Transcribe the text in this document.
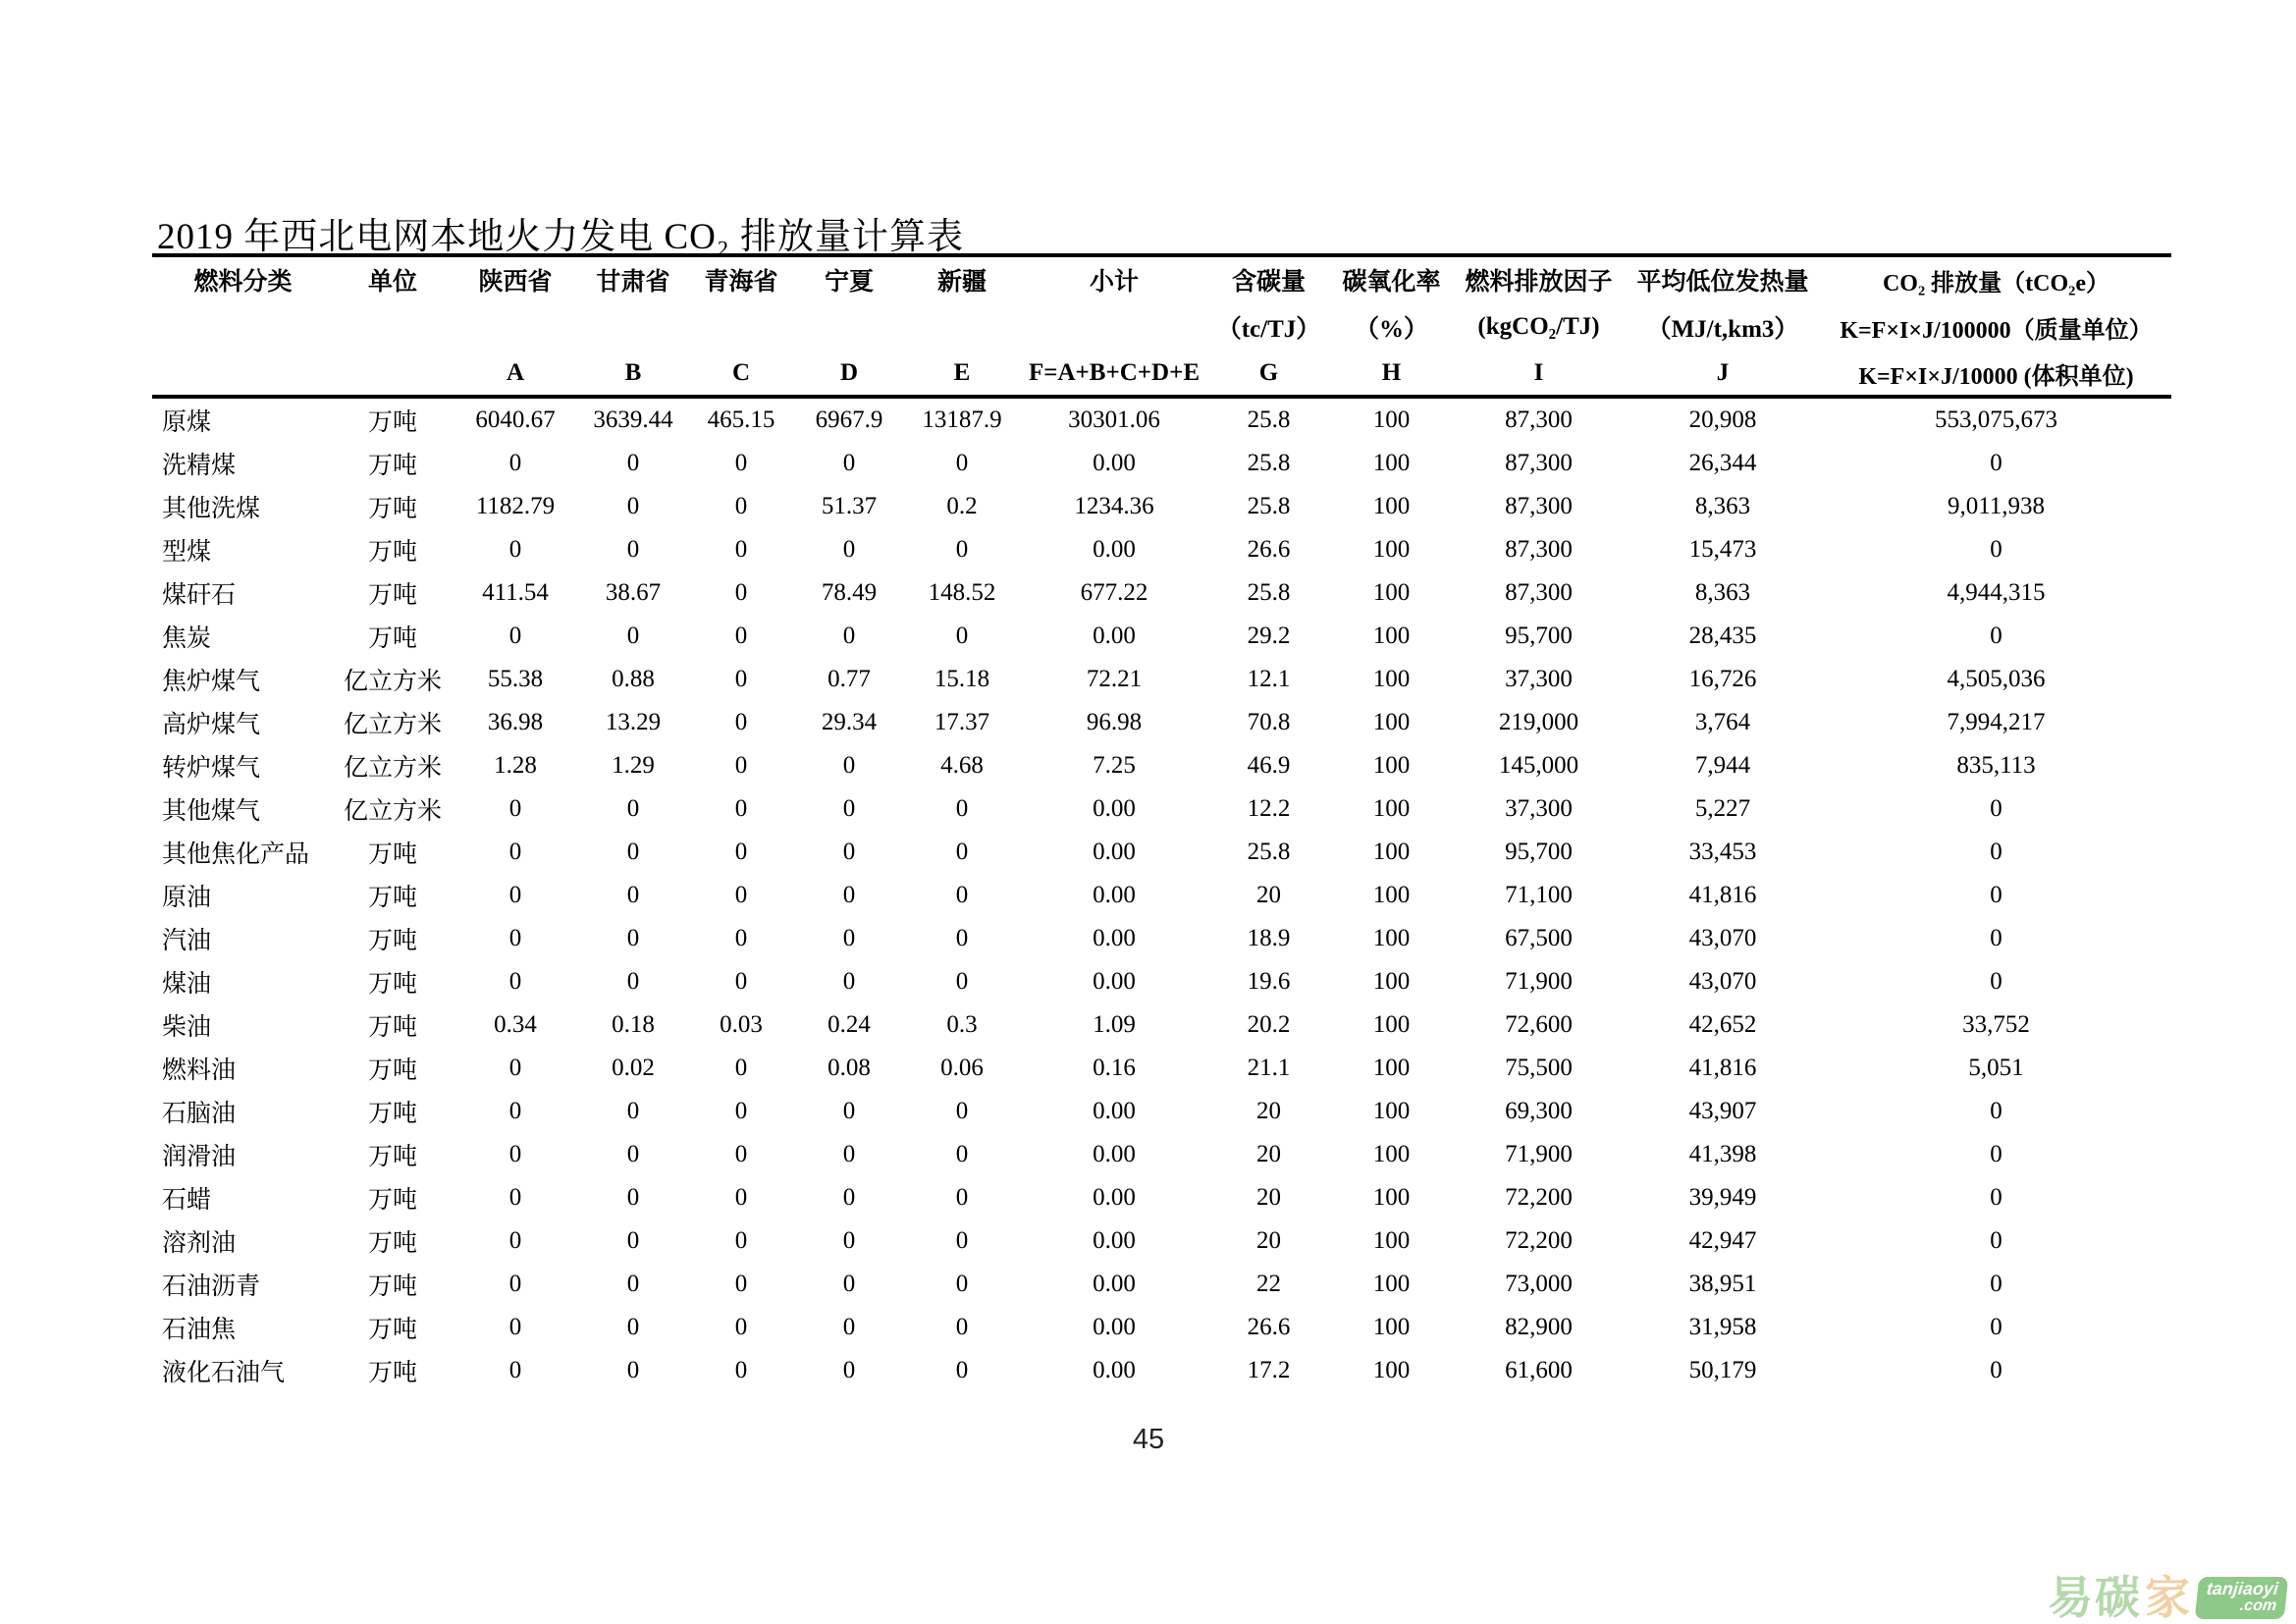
2019 年西北电网本地火力发电 CO₂ 排放量计算表
燃料分类	单位	陕西省	甘肃省	青海省	宁夏	新疆	小计	含碳量	碳氧化率	燃料排放因子	平均低位发热量	CO₂ 排放量（tCO₂e）
								（tc/TJ）	（%）	(kgCO₂/TJ)	（MJ/t,km3）	K=F×I×J/100000（质量单位）
		A	B	C	D	E	F=A+B+C+D+E	G	H	I	J	K=F×I×J/10000 (体积单位)
原煤	万吨	6040.67	3639.44	465.15	6967.9	13187.9	30301.06	25.8	100	87,300	20,908	553,075,673
洗精煤	万吨	0	0	0	0	0	0.00	25.8	100	87,300	26,344	0
其他洗煤	万吨	1182.79	0	0	51.37	0.2	1234.36	25.8	100	87,300	8,363	9,011,938
型煤	万吨	0	0	0	0	0	0.00	26.6	100	87,300	15,473	0
煤矸石	万吨	411.54	38.67	0	78.49	148.52	677.22	25.8	100	87,300	8,363	4,944,315
焦炭	万吨	0	0	0	0	0	0.00	29.2	100	95,700	28,435	0
焦炉煤气	亿立方米	55.38	0.88	0	0.77	15.18	72.21	12.1	100	37,300	16,726	4,505,036
高炉煤气	亿立方米	36.98	13.29	0	29.34	17.37	96.98	70.8	100	219,000	3,764	7,994,217
转炉煤气	亿立方米	1.28	1.29	0	0	4.68	7.25	46.9	100	145,000	7,944	835,113
其他煤气	亿立方米	0	0	0	0	0	0.00	12.2	100	37,300	5,227	0
其他焦化产品	万吨	0	0	0	0	0	0.00	25.8	100	95,700	33,453	0
原油	万吨	0	0	0	0	0	0.00	20	100	71,100	41,816	0
汽油	万吨	0	0	0	0	0	0.00	18.9	100	67,500	43,070	0
煤油	万吨	0	0	0	0	0	0.00	19.6	100	71,900	43,070	0
柴油	万吨	0.34	0.18	0.03	0.24	0.3	1.09	20.2	100	72,600	42,652	33,752
燃料油	万吨	0	0.02	0	0.08	0.06	0.16	21.1	100	75,500	41,816	5,051
石脑油	万吨	0	0	0	0	0	0.00	20	100	69,300	43,907	0
润滑油	万吨	0	0	0	0	0	0.00	20	100	71,900	41,398	0
石蜡	万吨	0	0	0	0	0	0.00	20	100	72,200	39,949	0
溶剂油	万吨	0	0	0	0	0	0.00	20	100	72,200	42,947	0
石油沥青	万吨	0	0	0	0	0	0.00	22	100	73,000	38,951	0
石油焦	万吨	0	0	0	0	0	0.00	26.6	100	82,900	31,958	0
液化石油气	万吨	0	0	0	0	0	0.00	17.2	100	61,600	50,179	0
45
易碳 家 tanjiaoyi
.com
